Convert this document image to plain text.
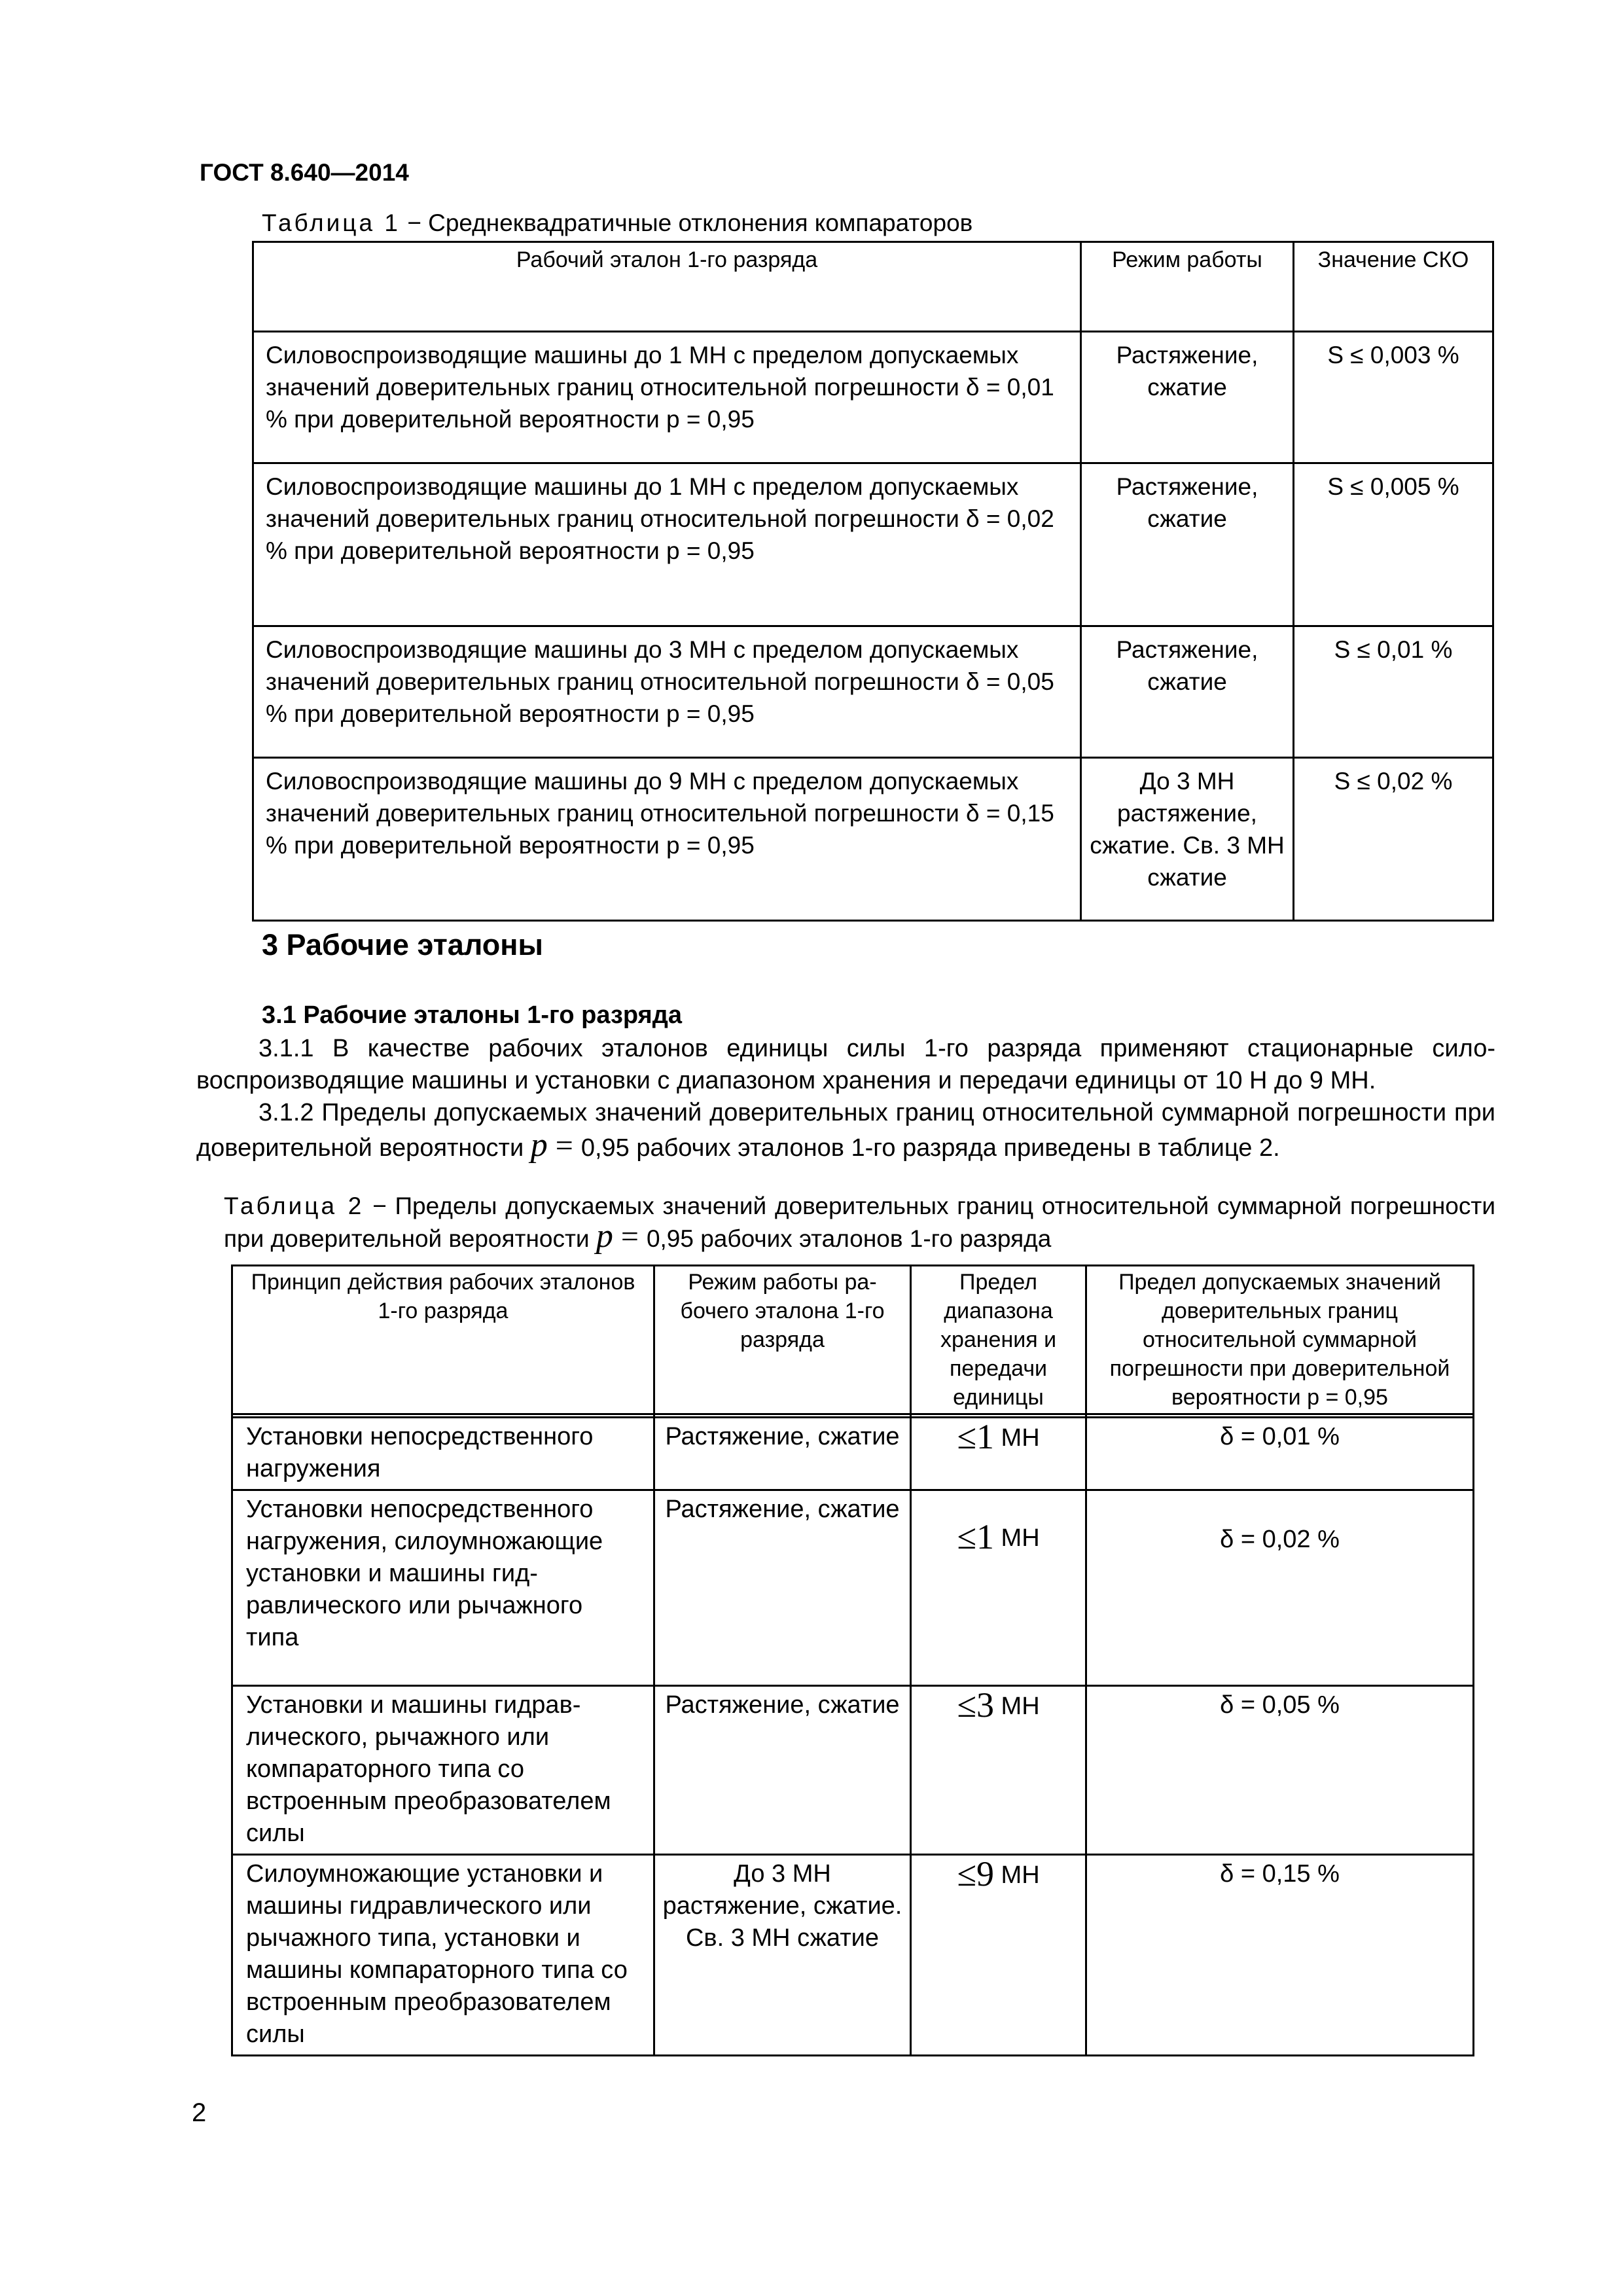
ГОСТ 8.640—2014
Таблица 1 − Среднеквадратичные отклонения компараторов
Рабочий эталон 1-го разряда	Режим работы	Значение СКО
Силовоспроизводящие машины до 1 МН с пределом допускаемых значений доверительных границ относительной погрешности δ = 0,01 % при доверительной вероятности p = 0,95	Растяжение, сжатие	S ≤ 0,003 %
Силовоспроизводящие машины до 1 МН с пределом допускаемых значений доверительных границ относительной погрешности δ = 0,02 % при доверительной вероятности p = 0,95	Растяжение, сжатие	S ≤ 0,005 %
Силовоспроизводящие машины до 3 МН с пределом допускаемых значений доверительных границ относительной погрешности δ = 0,05 % при доверительной вероятности p = 0,95	Растяжение, сжатие	S ≤ 0,01 %
Силовоспроизводящие машины до 9 МН с пределом допускаемых значений доверительных границ относительной погрешности δ = 0,15 % при доверительной вероятности p = 0,95	До 3 МН растяжение, сжатие. Св. 3 МН сжатие	S ≤ 0,02 %
3 Рабочие эталоны
3.1 Рабочие эталоны 1-го разряда
3.1.1 В качестве рабочих эталонов единицы силы 1-го разряда применяют стационарные силовоспроизводящие машины и установки с диапазоном хранения и передачи единицы от 10 Н до 9 МН.
3.1.2 Пределы допускаемых значений доверительных границ относительной суммарной погрешности при доверительной вероятности p = 0,95 рабочих эталонов 1-го разряда приведены в таблице 2.
Таблица 2 − Пределы допускаемых значений доверительных границ относительной суммарной погрешности при доверительной вероятности p = 0,95 рабочих эталонов 1-го разряда
Принцип действия рабочих эталонов 1-го разряда	Режим работы рабочего эталона 1-го разряда	Предел диапазона хранения и передачи единицы	Предел допускаемых значений доверительных границ относительной суммарной погрешности при доверительной вероятности p = 0,95

Установки непосредственного нагружения	Растяжение, сжатие	≤1 МН	δ = 0,01 %
Установки непосредственного нагружения, силоумножающие установки и машины гидравлического или рычажного типа	Растяжение, сжатие	≤1 МН	δ = 0,02 %
Установки и машины гидравлического, рычажного или компараторного типа со встроенным преобразователем силы	Растяжение, сжатие	≤3 МН	δ = 0,05 %
Силоумножающие установки и машины гидравлического или рычажного типа, установки и машины компараторного типа со встроенным преобразователем силы	До 3 МН растяжение, сжатие. Св. 3 МН сжатие	≤9 МН	δ = 0,15 %
2
